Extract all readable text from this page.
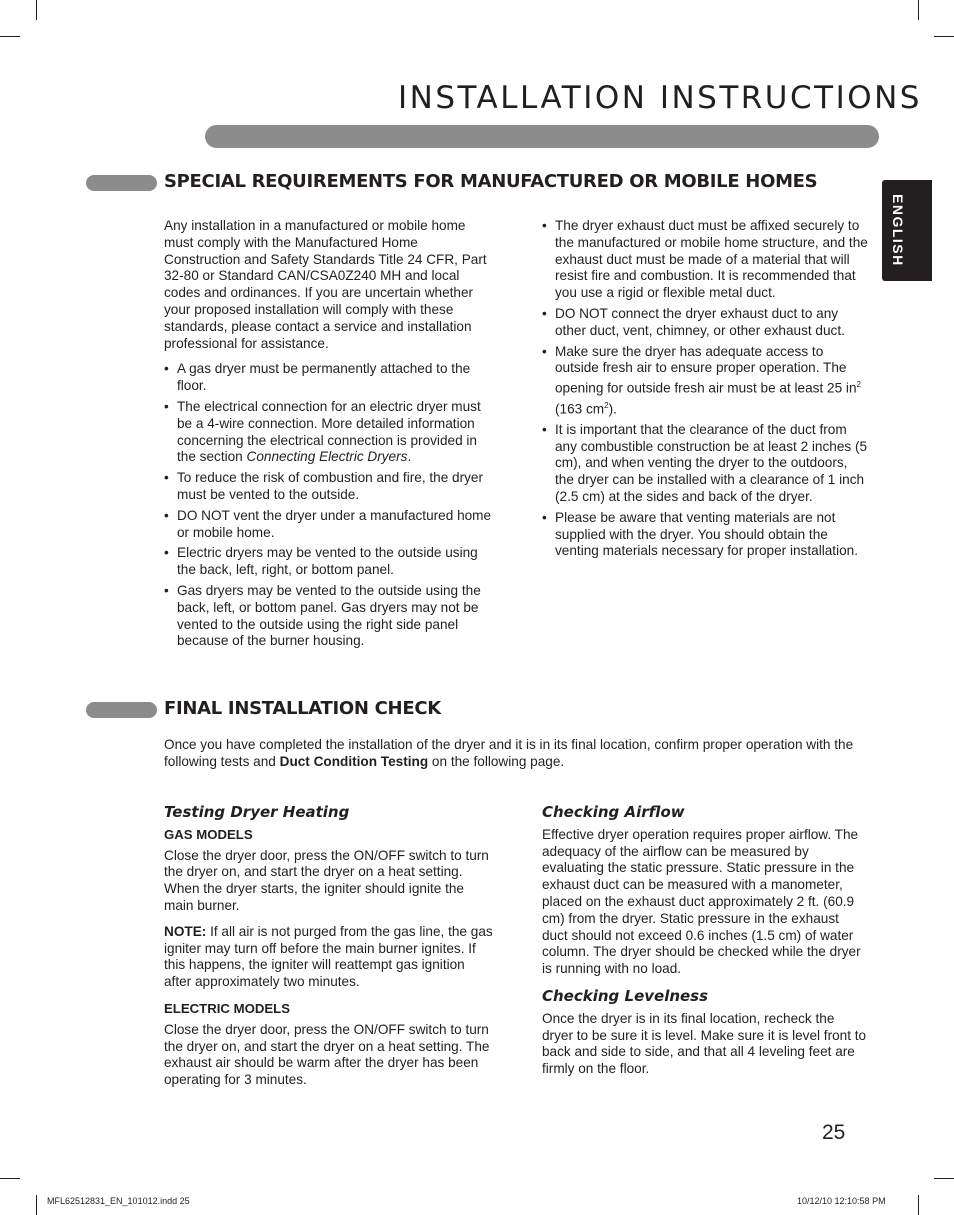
INSTALLATION INSTRUCTIONS
ENGLISH
SPECIAL REQUIREMENTS FOR MANUFACTURED OR MOBILE HOMES

Any installation in a manufactured or mobile home must comply with the Manufactured Home Construction and Safety Standards Title 24 CFR, Part 32-80 or Standard CAN/CSA0Z240 MH and local codes and ordinances. If you are uncertain whether your proposed installation will comply with these standards, please contact a service and installation professional for assistance.

• A gas dryer must be permanently attached to the floor.
• The electrical connection for an electric dryer must be a 4-wire connection. More detailed information concerning the electrical connection is provided in the section Connecting Electric Dryers.
• To reduce the risk of combustion and fire, the dryer must be vented to the outside.
• DO NOT vent the dryer under a manufactured home or mobile home.
• Electric dryers may be vented to the outside using the back, left, right, or bottom panel.
• Gas dryers may be vented to the outside using the back, left, or bottom panel. Gas dryers may not be vented to the outside using the right side panel because of the burner housing.
• The dryer exhaust duct must be affixed securely to the manufactured or mobile home structure, and the exhaust duct must be made of a material that will resist fire and combustion. It is recommended that you use a rigid or flexible metal duct.
• DO NOT connect the dryer exhaust duct to any other duct, vent, chimney, or other exhaust duct.
• Make sure the dryer has adequate access to outside fresh air to ensure proper operation. The opening for outside fresh air must be at least 25 $in^2$ (163 $cm^2$).
• It is important that the clearance of the duct from any combustible construction be at least 2 inches (5 cm), and when venting the dryer to the outdoors, the dryer can be installed with a clearance of 1 inch (2.5 cm) at the sides and back of the dryer.
• Please be aware that venting materials are not supplied with the dryer. You should obtain the venting materials necessary for proper installation.
FINAL INSTALLATION CHECK
Once you have completed the installation of the dryer and it is in its final location, confirm proper operation with the following tests and Duct Condition Testing on the following page.
Testing Dryer Heating
GAS MODELS

Close the dryer door, press the ON/OFF switch to turn the dryer on, and start the dryer on a heat setting. When the dryer starts, the igniter should ignite the main burner.

NOTE: If all air is not purged from the gas line, the gas igniter may turn off before the main burner ignites. If this happens, the igniter will reattempt gas ignition after approximately two minutes.

ELECTRIC MODELS

Close the dryer door, press the ON/OFF switch to turn the dryer on, and start the dryer on a heat setting. The exhaust air should be warm after the dryer has been operating for 3 minutes.

Checking Airflow

Effective dryer operation requires proper airflow. The adequacy of the airflow can be measured by evaluating the static pressure. Static pressure in the exhaust duct can be measured with a manometer, placed on the exhaust duct approximately 2 ft. (60.9 cm) from the dryer. Static pressure in the exhaust duct should not exceed 0.6 inches (1.5 cm) of water column. The dryer should be checked while the dryer is running with no load.

Checking Levelness

Once the dryer is in its final location, recheck the dryer to be sure it is level. Make sure it is level front to back and side to side, and that all 4 leveling feet are firmly on the floor.

25
MFL62512831_EN_101012.indd 25	10/12/10 12:10:58 PM
